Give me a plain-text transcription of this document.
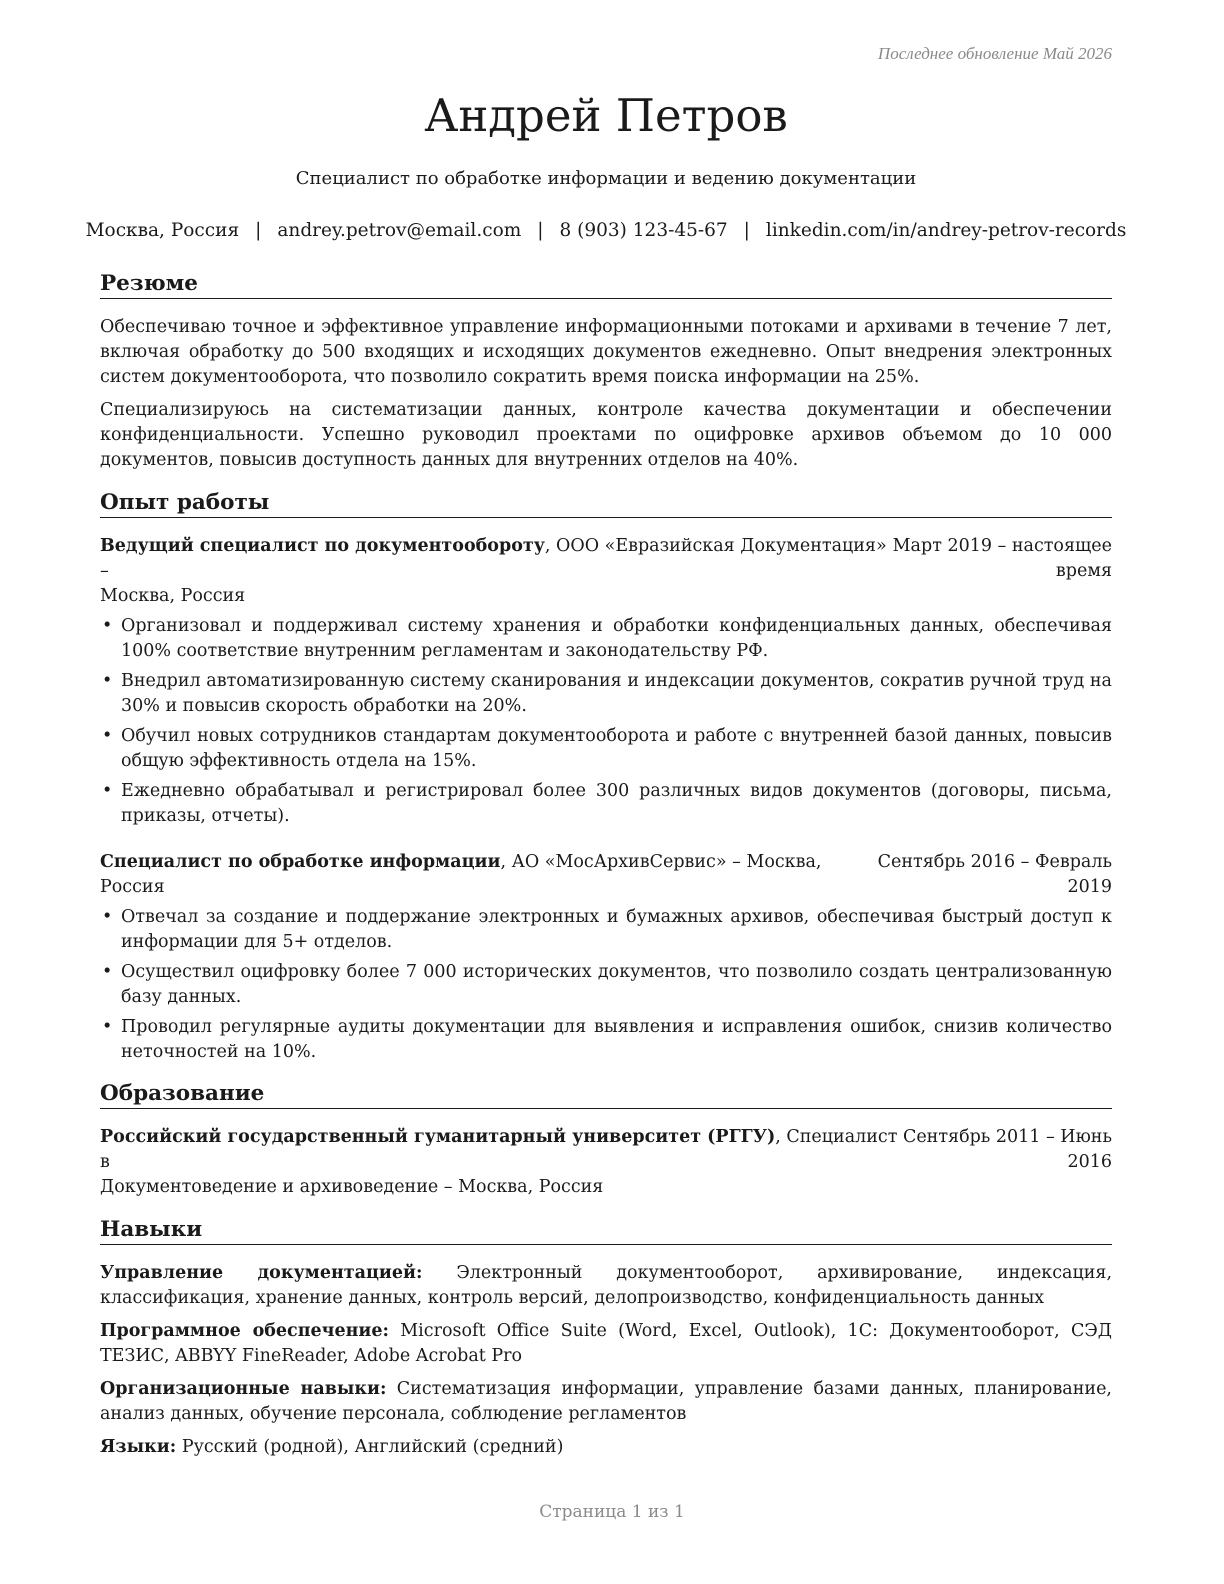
Последнее обновление Май 2026

Андрей Петров

Специалист по обработке информации и ведению документации

Москва, Россия | andrey.petrov@email.com | 8 (903) 123-45-67 | linkedin.com/in/andrey-petrov-records
Резюме

Обеспечиваю точное и эффективное управление информационными потоками и архивами в течение 7 лет, включая обработку до 500 входящих и исходящих документов ежедневно. Опыт внедрения электронных систем документооборота, что позволило сократить время поиска информации на 25%.

Специализируюсь на систематизации данных, контроле качества документации и обеспечении конфиденциальности. Успешно руководил проектами по оцифровке архивов объемом до 10 000 документов, повысив доступность данных для внутренних отделов на 40%.

Опыт работы
Ведущий специалист по документообороту, ООО «Евразийская Документация» –
Москва, Россия
Март 2019 – настоящее
время
• Организовал и поддерживал систему хранения и обработки конфиденциальных данных, обеспечивая 100% соответствие внутренним регламентам и законодательству РФ.
• Внедрил автоматизированную систему сканирования и индексации документов, сократив ручной труд на 30% и повысив скорость обработки на 20%.
• Обучил новых сотрудников стандартам документооборота и работе с внутренней базой данных, повысив общую эффективность отдела на 15%.
• Ежедневно обрабатывал и регистрировал более 300 различных видов документов (договоры, письма, приказы, отчеты).
Специалист по обработке информации, АО «МосАрхивСервис» – Москва, Россия
Сентябрь 2016 – Февраль
2019
• Отвечал за создание и поддержание электронных и бумажных архивов, обеспечивая быстрый доступ к информации для 5+ отделов.
• Осуществил оцифровку более 7 000 исторических документов, что позволило создать централизованную базу данных.
• Проводил регулярные аудиты документации для выявления и исправления ошибок, снизив количество неточностей на 10%.
Образование
Российский государственный гуманитарный университет (РГГУ), Специалист в
Документоведение и архивоведение – Москва, Россия
Сентябрь 2011 – Июнь
2016
Навыки

Управление документацией: Электронный документооборот, архивирование, индексация, классификация, хранение данных, контроль версий, делопроизводство, конфиденциальность данных

Программное обеспечение: Microsoft Office Suite (Word, Excel, Outlook), 1С: Документооборот, СЭД ТЕЗИС, ABBYY FineReader, Adobe Acrobat Pro

Организационные навыки: Систематизация информации, управление базами данных, планирование, анализ данных, обучение персонала, соблюдение регламентов

Языки: Русский (родной), Английский (средний)

Страница 1 из 1
